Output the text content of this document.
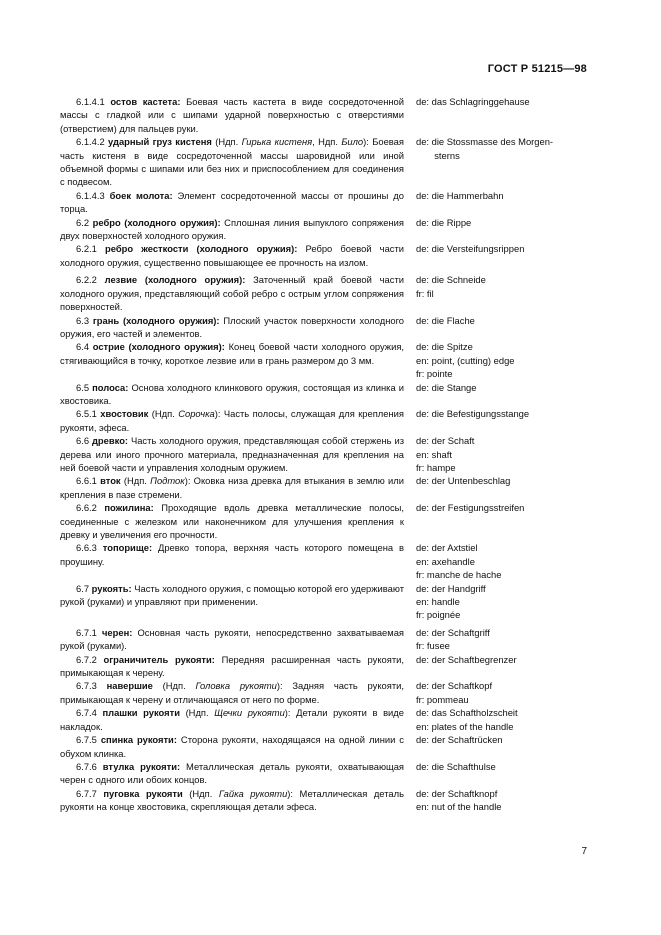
ГОСТ Р 51215—98

6.1.4.1 остов кастета: Боевая часть кастета в виде сосредоточенной массы с гладкой или с шипами ударной поверхностью с отверстиями (отверстием) для пальцев руки.

de: das Schlagringgehause

6.1.4.2 ударный груз кистеня (Ндп. Гирька кистеня, Ндп. Било): Боевая часть кистеня в виде сосредоточенной массы шаровидной или иной объемной формы с шипами или без них и приспособлением для соединения с подвесом.

de: die Stossmasse des Morgen-
sterns

6.1.4.3 боек молота: Элемент сосредоточенной массы от прошины до торца.

de: die Hammerbahn

6.2 ребро (холодного оружия): Сплошная линия выпуклого сопряжения двух поверхностей холодного оружия.

de: die Rippe

6.2.1 ребро жесткости (холодного оружия): Ребро боевой части холодного оружия, существенно повышающее ее прочность на излом.

de: die Versteifungsrippen

6.2.2 лезвие (холодного оружия): Заточенный край боевой части холодного оружия, представляющий собой ребро с острым углом сопряжения поверхностей.

de: die Schneide
fr: fil

6.3 грань (холодного оружия): Плоский участок поверхности холодного оружия, его частей и элементов.

de: die Flache

6.4 острие (холодного оружия): Конец боевой части холодного оружия, стягивающийся в точку, короткое лезвие или в грань размером до 3 мм.

de: die Spitze
en: point, (cutting) edge
fr: pointe

6.5 полоса: Основа холодного клинкового оружия, состоящая из клинка и хвостовика.

de: die Stange

6.5.1 хвостовик (Ндп. Сорочка): Часть полосы, служащая для крепления рукояти, эфеса.

de: die Befestigungsstange

6.6 древко: Часть холодного оружия, представляющая собой стержень из дерева или иного прочного материала, предназначенная для крепления на ней боевой части и управления холодным оружием.

de: der Schaft
en: shaft
fr: hampe

6.6.1 вток (Ндп. Подток): Оковка низа древка для втыкания в землю или крепления в пазе стремени.

de: der Untenbeschlag

6.6.2 пожилина: Проходящие вдоль древка металлические полосы, соединенные с железком или наконечником для улучшения крепления к древку и увеличения его прочности.

de: der Festigungsstreifen

6.6.3 топорище: Древко топора, верхняя часть которого помещена в проушину.

de: der Axtstiel
en: axehandle
fr: manche de hache

6.7 рукоять: Часть холодного оружия, с помощью которой его удерживают рукой (руками) и управляют при применении.

de: der Handgriff
en: handle
fr: poignée

6.7.1 черен: Основная часть рукояти, непосредственно захватываемая рукой (руками).

de: der Schaftgriff
fr: fusee

6.7.2 ограничитель рукояти: Передняя расширенная часть рукояти, примыкающая к черену.

de: der Schaftbegrenzer

6.7.3 навершие (Ндп. Головка рукояти): Задняя часть рукояти, примыкающая к черену и отличающаяся от него по форме.

de: der Schaftkopf
fr: pommeau

6.7.4 плашки рукояти (Ндп. Щечки рукояти): Детали рукояти в виде накладок.

de: das Schaftholzscheit
en: plates of the handle

6.7.5 спинка рукояти: Сторона рукояти, находящаяся на одной линии с обухом клинка.

de: der Schaftrücken

6.7.6 втулка рукояти: Металлическая деталь рукояти, охватывающая черен с одного или обоих концов.

de: die Schafthulse

6.7.7 пуговка рукояти (Ндп. Гайка рукояти): Металлическая деталь рукояти на конце хвостовика, скрепляющая детали эфеса.

de: der Schaftknopf
en: nut of the handle
7
